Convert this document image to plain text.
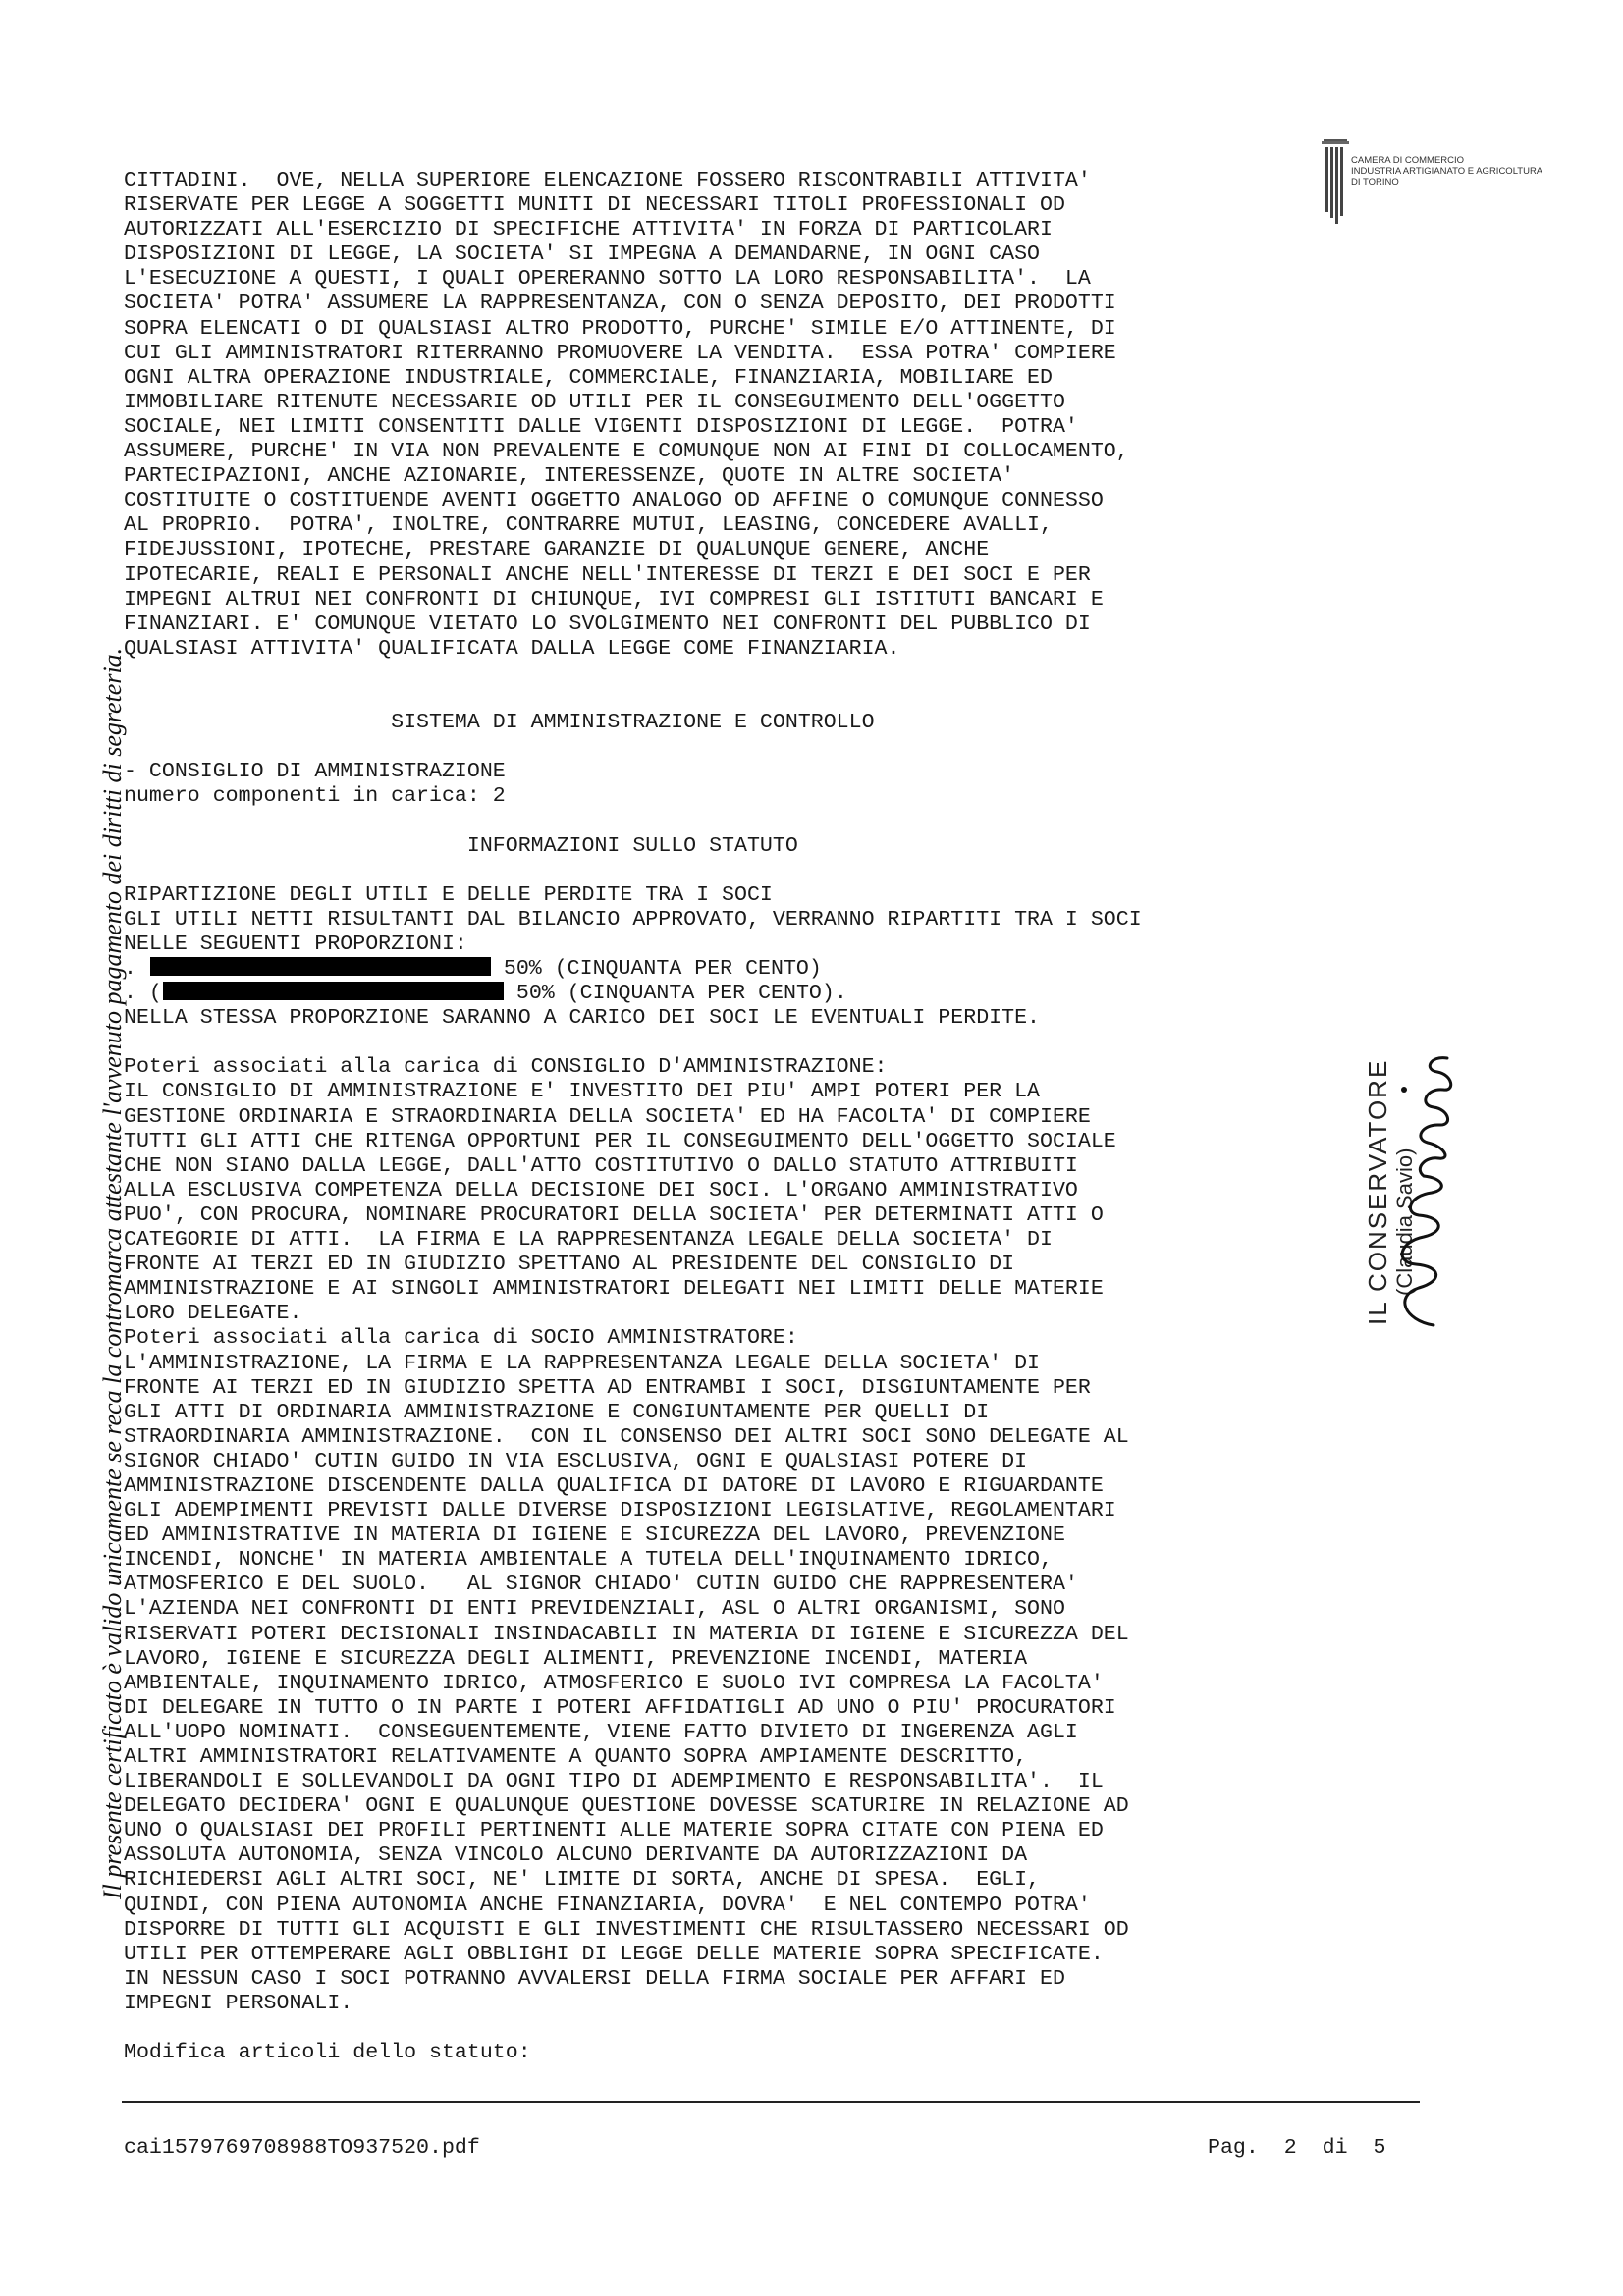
Il presente certificato è valido unicamente se reca la contromarca attestante l'avvenuto pagamento dei diritti di segreteria.
CAMERA DI COMMERCIO
INDUSTRIA ARTIGIANATO E AGRICOLTURA
DI TORINO
CITTADINI.  OVE, NELLA SUPERIORE ELENCAZIONE FOSSERO RISCONTRABILI ATTIVITA'
RISERVATE PER LEGGE A SOGGETTI MUNITI DI NECESSARI TITOLI PROFESSIONALI OD
AUTORIZZATI ALL'ESERCIZIO DI SPECIFICHE ATTIVITA' IN FORZA DI PARTICOLARI
DISPOSIZIONI DI LEGGE, LA SOCIETA' SI IMPEGNA A DEMANDARNE, IN OGNI CASO
L'ESECUZIONE A QUESTI, I QUALI OPERERANNO SOTTO LA LORO RESPONSABILITA'.  LA
SOCIETA' POTRA' ASSUMERE LA RAPPRESENTANZA, CON O SENZA DEPOSITO, DEI PRODOTTI
SOPRA ELENCATI O DI QUALSIASI ALTRO PRODOTTO, PURCHE' SIMILE E/O ATTINENTE, DI
CUI GLI AMMINISTRATORI RITERRANNO PROMUOVERE LA VENDITA.  ESSA POTRA' COMPIERE
OGNI ALTRA OPERAZIONE INDUSTRIALE, COMMERCIALE, FINANZIARIA, MOBILIARE ED
IMMOBILIARE RITENUTE NECESSARIE OD UTILI PER IL CONSEGUIMENTO DELL'OGGETTO
SOCIALE, NEI LIMITI CONSENTITI DALLE VIGENTI DISPOSIZIONI DI LEGGE.  POTRA'
ASSUMERE, PURCHE' IN VIA NON PREVALENTE E COMUNQUE NON AI FINI DI COLLOCAMENTO,
PARTECIPAZIONI, ANCHE AZIONARIE, INTERESSENZE, QUOTE IN ALTRE SOCIETA'
COSTITUITE O COSTITUENDE AVENTI OGGETTO ANALOGO OD AFFINE O COMUNQUE CONNESSO
AL PROPRIO.  POTRA', INOLTRE, CONTRARRE MUTUI, LEASING, CONCEDERE AVALLI,
FIDEJUSSIONI, IPOTECHE, PRESTARE GARANZIE DI QUALUNQUE GENERE, ANCHE
IPOTECARIE, REALI E PERSONALI ANCHE NELL'INTERESSE DI TERZI E DEI SOCI E PER
IMPEGNI ALTRUI NEI CONFRONTI DI CHIUNQUE, IVI COMPRESI GLI ISTITUTI BANCARI E
FINANZIARI. E' COMUNQUE VIETATO LO SVOLGIMENTO NEI CONFRONTI DEL PUBBLICO DI
QUALSIASI ATTIVITA' QUALIFICATA DALLA LEGGE COME FINANZIARIA.
SISTEMA DI AMMINISTRAZIONE E CONTROLLO
- CONSIGLIO DI AMMINISTRAZIONE
numero componenti in carica: 2
INFORMAZIONI SULLO STATUTO
RIPARTIZIONE DEGLI UTILI E DELLE PERDITE TRA I SOCI
GLI UTILI NETTI RISULTANTI DAL BILANCIO APPROVATO, VERRANNO RIPARTITI TRA I SOCI
NELLE SEGUENTI PROPORZIONI:
.	50% (CINQUANTA PER CENTO)
. (	50% (CINQUANTA PER CENTO).
NELLA STESSA PROPORZIONE SARANNO A CARICO DEI SOCI LE EVENTUALI PERDITE.
Poteri associati alla carica di CONSIGLIO D'AMMINISTRAZIONE:
IL CONSIGLIO DI AMMINISTRAZIONE E' INVESTITO DEI PIU' AMPI POTERI PER LA
GESTIONE ORDINARIA E STRAORDINARIA DELLA SOCIETA' ED HA FACOLTA' DI COMPIERE
TUTTI GLI ATTI CHE RITENGA OPPORTUNI PER IL CONSEGUIMENTO DELL'OGGETTO SOCIALE
CHE NON SIANO DALLA LEGGE, DALL'ATTO COSTITUTIVO O DALLO STATUTO ATTRIBUITI
ALLA ESCLUSIVA COMPETENZA DELLA DECISIONE DEI SOCI. L'ORGANO AMMINISTRATIVO
PUO', CON PROCURA, NOMINARE PROCURATORI DELLA SOCIETA' PER DETERMINATI ATTI O
CATEGORIE DI ATTI.  LA FIRMA E LA RAPPRESENTANZA LEGALE DELLA SOCIETA' DI
FRONTE AI TERZI ED IN GIUDIZIO SPETTANO AL PRESIDENTE DEL CONSIGLIO DI
AMMINISTRAZIONE E AI SINGOLI AMMINISTRATORI DELEGATI NEI LIMITI DELLE MATERIE
LORO DELEGATE.
Poteri associati alla carica di SOCIO AMMINISTRATORE:
L'AMMINISTRAZIONE, LA FIRMA E LA RAPPRESENTANZA LEGALE DELLA SOCIETA' DI
FRONTE AI TERZI ED IN GIUDIZIO SPETTA AD ENTRAMBI I SOCI, DISGIUNTAMENTE PER
GLI ATTI DI ORDINARIA AMMINISTRAZIONE E CONGIUNTAMENTE PER QUELLI DI
STRAORDINARIA AMMINISTRAZIONE.  CON IL CONSENSO DEI ALTRI SOCI SONO DELEGATE AL
SIGNOR CHIADO' CUTIN GUIDO IN VIA ESCLUSIVA, OGNI E QUALSIASI POTERE DI
AMMINISTRAZIONE DISCENDENTE DALLA QUALIFICA DI DATORE DI LAVORO E RIGUARDANTE
GLI ADEMPIMENTI PREVISTI DALLE DIVERSE DISPOSIZIONI LEGISLATIVE, REGOLAMENTARI
ED AMMINISTRATIVE IN MATERIA DI IGIENE E SICUREZZA DEL LAVORO, PREVENZIONE
INCENDI, NONCHE' IN MATERIA AMBIENTALE A TUTELA DELL'INQUINAMENTO IDRICO,
ATMOSFERICO E DEL SUOLO.   AL SIGNOR CHIADO' CUTIN GUIDO CHE RAPPRESENTERA'
L'AZIENDA NEI CONFRONTI DI ENTI PREVIDENZIALI, ASL O ALTRI ORGANISMI, SONO
RISERVATI POTERI DECISIONALI INSINDACABILI IN MATERIA DI IGIENE E SICUREZZA DEL
LAVORO, IGIENE E SICUREZZA DEGLI ALIMENTI, PREVENZIONE INCENDI, MATERIA
AMBIENTALE, INQUINAMENTO IDRICO, ATMOSFERICO E SUOLO IVI COMPRESA LA FACOLTA'
DI DELEGARE IN TUTTO O IN PARTE I POTERI AFFIDATIGLI AD UNO O PIU' PROCURATORI
ALL'UOPO NOMINATI.  CONSEGUENTEMENTE, VIENE FATTO DIVIETO DI INGERENZA AGLI
ALTRI AMMINISTRATORI RELATIVAMENTE A QUANTO SOPRA AMPIAMENTE DESCRITTO,
LIBERANDOLI E SOLLEVANDOLI DA OGNI TIPO DI ADEMPIMENTO E RESPONSABILITA'.  IL
DELEGATO DECIDERA' OGNI E QUALUNQUE QUESTIONE DOVESSE SCATURIRE IN RELAZIONE AD
UNO O QUALSIASI DEI PROFILI PERTINENTI ALLE MATERIE SOPRA CITATE CON PIENA ED
ASSOLUTA AUTONOMIA, SENZA VINCOLO ALCUNO DERIVANTE DA AUTORIZZAZIONI DA
RICHIEDERSI AGLI ALTRI SOCI, NE' LIMITE DI SORTA, ANCHE DI SPESA.  EGLI,
QUINDI, CON PIENA AUTONOMIA ANCHE FINANZIARIA, DOVRA'  E NEL CONTEMPO POTRA'
DISPORRE DI TUTTI GLI ACQUISTI E GLI INVESTIMENTI CHE RISULTASSERO NECESSARI OD
UTILI PER OTTEMPERARE AGLI OBBLIGHI DI LEGGE DELLE MATERIE SOPRA SPECIFICATE.
IN NESSUN CASO I SOCI POTRANNO AVVALERSI DELLA FIRMA SOCIALE PER AFFARI ED
IMPEGNI PERSONALI.
Modifica articoli dello statuto:
IL CONSERVATORE (Claudia Savio)
cai1579769708988TO937520.pdf	Pag. 2 di 5
